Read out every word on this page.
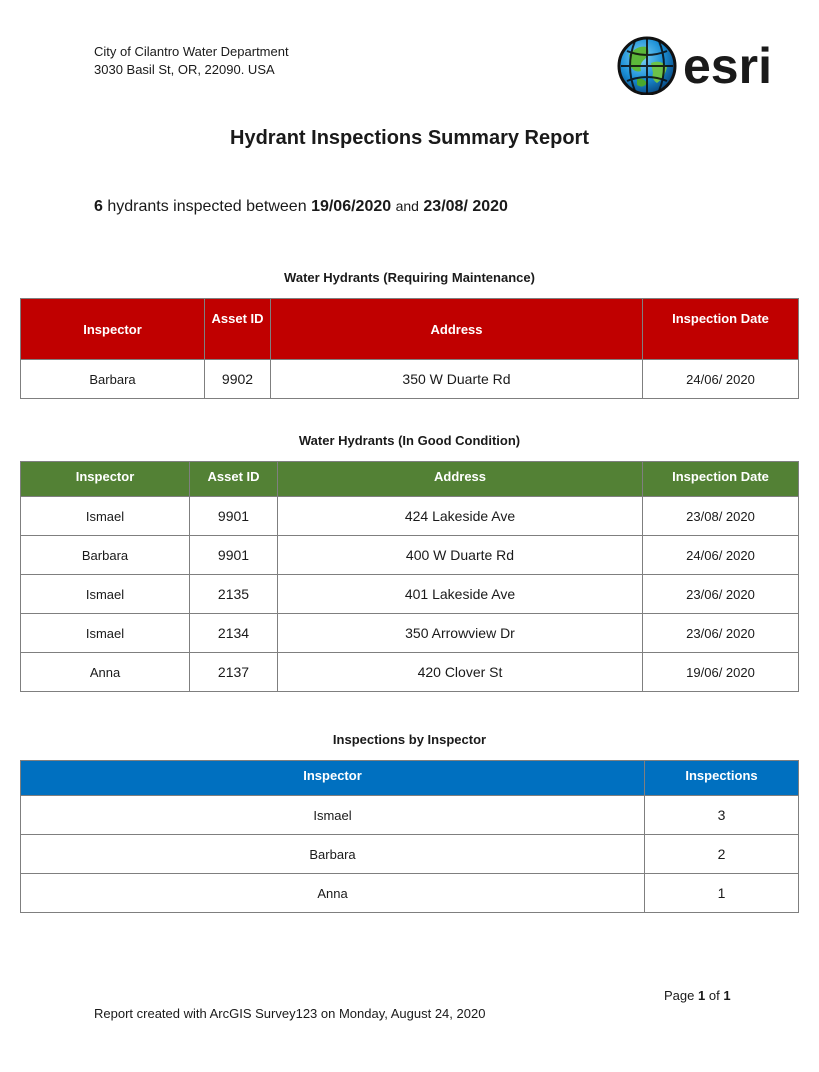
City of Cilantro Water Department
3030 Basil St, OR, 22090. USA	esri
Hydrant Inspections Summary Report
6 hydrants inspected between 19/06/2020 and 23/08/ 2020
Water Hydrants (Requiring Maintenance)
Inspector	Asset ID	Address	Inspection Date
Barbara	9902	350 W Duarte Rd	24/06/ 2020
Water Hydrants (In Good Condition)
Inspector	Asset ID	Address	Inspection Date
Ismael	9901	424 Lakeside Ave	23/08/ 2020
Barbara	9901	400 W Duarte Rd	24/06/ 2020
Ismael	2135	401 Lakeside Ave	23/06/ 2020
Ismael	2134	350 Arrowview Dr	23/06/ 2020
Anna	2137	420 Clover St	19/06/ 2020
Inspections by Inspector
Inspector	Inspections
Ismael	3
Barbara	2
Anna	1
Page 1 of 1
Report created with ArcGIS Survey123 on Monday, August 24, 2020
